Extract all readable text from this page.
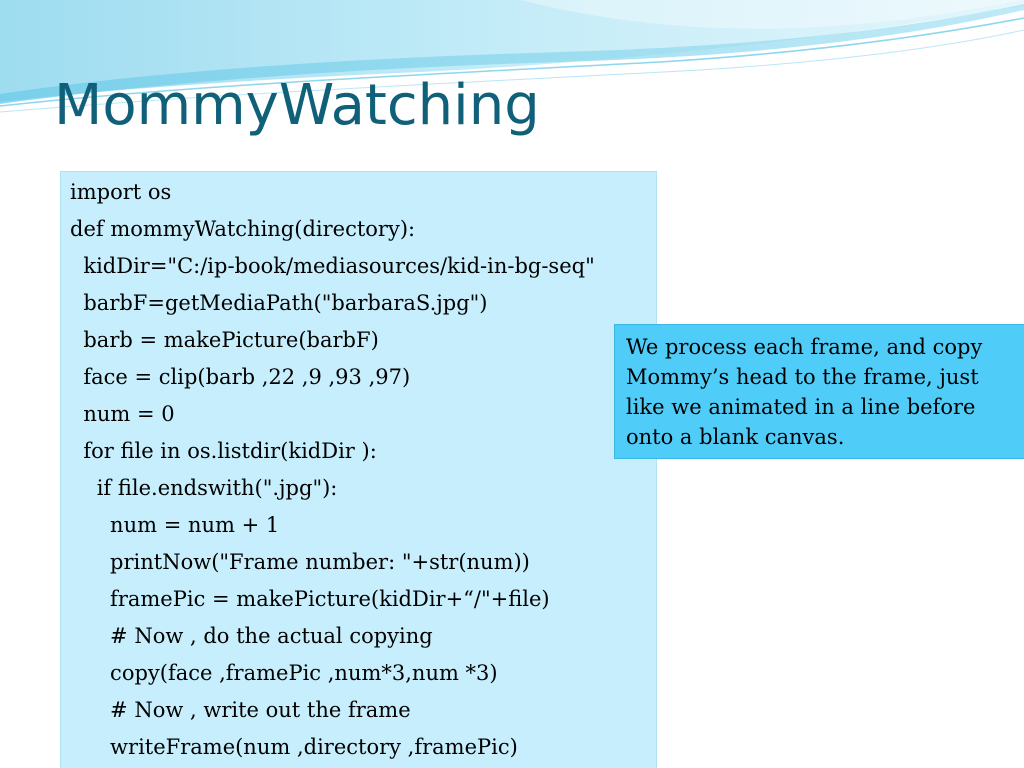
MommyWatching
import os
def mommyWatching(directory):
kidDir="C:/ip-book/mediasources/kid-in-bg-seq"
barbF=getMediaPath("barbaraS.jpg")
barb = makePicture(barbF)
face = clip(barb ,22 ,9 ,93 ,97)
num = 0
for file in os.listdir(kidDir ):
if file.endswith(".jpg"):
num = num + 1
printNow("Frame number: "+str(num))
framePic = makePicture(kidDir+“/"+file)
# Now , do the actual copying
copy(face ,framePic ,num*3,num *3)
# Now , write out the frame
writeFrame(num ,directory ,framePic)
We process each frame, and copy
Mommy’s head to the frame, just
like we animated in a line before
onto a blank canvas.
